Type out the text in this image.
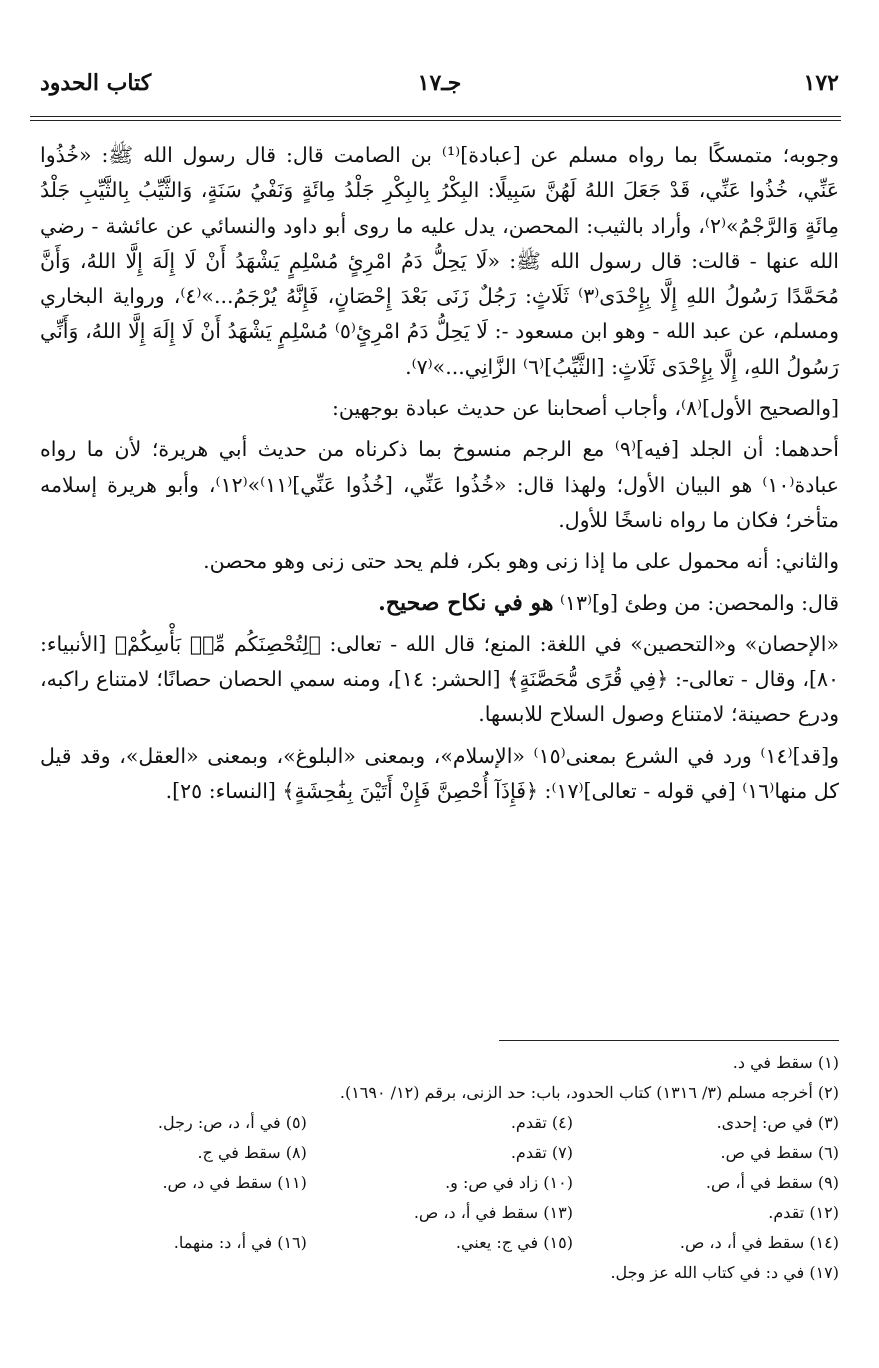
١٧٢
جـ١٧
كتاب الحدود

وجوبه؛ متمسكًا بما رواه مسلم عن [عبادة]⁽¹⁾ بن الصامت قال: قال رسول الله ﷺ: «خُذُوا عَنِّي، خُذُوا عَنِّي، قَدْ جَعَلَ اللهُ لَهُنَّ سَبِيلًا: البِكْرُ بِالبِكْرِ جَلْدُ مِائَةٍ وَنَفْيُ سَنَةٍ، وَالثَّيِّبُ بِالثَّيِّبِ جَلْدُ مِائَةٍ وَالرَّجْمُ»⁽٢⁾، وأراد بالثيب: المحصن، يدل عليه ما روى أبو داود والنسائي عن عائشة - رضي الله عنها - قالت: قال رسول الله ﷺ: «لَا يَحِلُّ دَمُ امْرِئٍ مُسْلِمٍ يَشْهَدُ أَنْ لَا إِلَهَ إِلَّا اللهُ، وَأَنَّ مُحَمَّدًا رَسُولُ اللهِ إِلَّا بِإِحْدَى⁽٣⁾ ثَلَاثٍ: رَجُلٌ زَنَى بَعْدَ إِحْصَانٍ، فَإِنَّهُ يُرْجَمُ...»⁽٤⁾، ورواية البخاري ومسلم، عن عبد الله - وهو ابن مسعود -: لَا يَحِلُّ دَمُ امْرِئٍ⁽٥⁾ مُسْلِمٍ يَشْهَدُ أَنْ لَا إِلَهَ إِلَّا اللهُ، وَأَنِّي رَسُولُ اللهِ، إِلَّا بِإِحْدَى ثَلَاثٍ: [الثَّيِّبُ]⁽٦⁾ الزَّانِي...»⁽٧⁾.

[والصحيح الأول]⁽٨⁾، وأجاب أصحابنا عن حديث عبادة بوجهين:

أحدهما: أن الجلد [فيه]⁽٩⁾ مع الرجم منسوخ بما ذكرناه من حديث أبي هريرة؛ لأن ما رواه عبادة⁽١٠⁾ هو البيان الأول؛ ولهذا قال: «خُذُوا عَنِّي، [خُذُوا عَنِّي]⁽١١⁾»⁽١٢⁾، وأبو هريرة إسلامه متأخر؛ فكان ما رواه ناسخًا للأول.

والثاني: أنه محمول على ما إذا زنى وهو بكر، فلم يحد حتى زنى وهو محصن.

قال: والمحصن: من وطئ [و]⁽١٣⁾ هو في نكاح صحيح.

«الإحصان» و«التحصين» في اللغة: المنع؛ قال الله - تعالى: ﴿لِتُحْصِنَكُم مِّنۢ بَأْسِكُمْ﴾ [الأنبياء: ٨٠]، وقال - تعالى-: ﴿فِي قُرًى مُّحَصَّنَةٍ﴾ [الحشر: ١٤]، ومنه سمي الحصان حصانًا؛ لامتناع راكبه، ودرع حصينة؛ لامتناع وصول السلاح للابسها.

و[قد]⁽١٤⁾ ورد في الشرع بمعنى⁽١٥⁾ «الإسلام»، وبمعنى «البلوغ»، وبمعنى «العقل»، وقد قيل كل منها⁽١٦⁾ [في قوله - تعالى]⁽١٧⁾: ﴿فَإِذَآ أُحْصِنَّ فَإِنْ أَتَيْنَ بِفَٰحِشَةٍ﴾ [النساء: ٢٥].

(١) سقط في د.
(٢) أخرجه مسلم (٣/ ١٣١٦) كتاب الحدود، باب: حد الزنى، برقم (١٢/ ١٦٩٠).
(٣) في ص: إحدى.
(٤) تقدم.
(٥) في أ، د، ص: رجل.
(٦) سقط في ص.
(٧) تقدم.
(٨) سقط في ج.
(٩) سقط في أ، ص.
(١٠) زاد في ص: و.
(١١) سقط في د، ص.
(١٢) تقدم.
(١٣) سقط في أ، د، ص.
(١٤) سقط في أ، د، ص.
(١٥) في ج: يعني.
(١٦) في أ، د: منهما.
(١٧) في د: في كتاب الله عز وجل.
